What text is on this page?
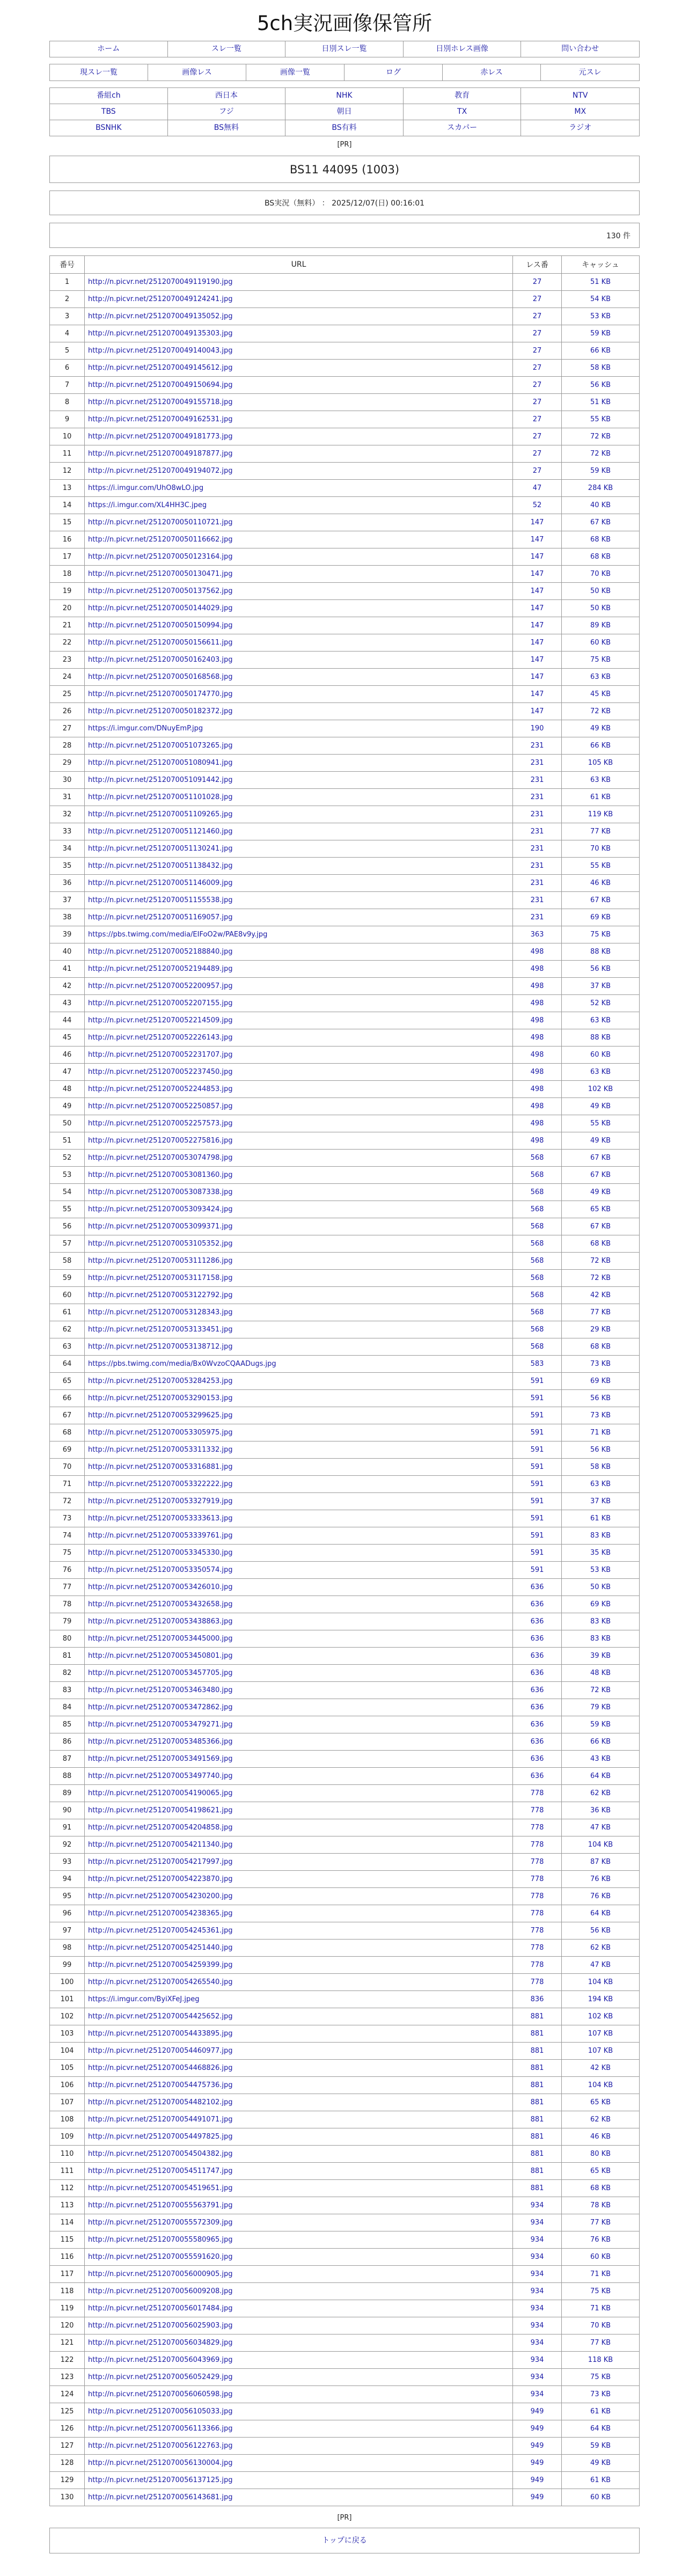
5ch実況画像保管所
ホーム	スレ一覧	日別スレ一覧	日別ホレス画像	問い合わせ
現スレ一覧	画像レス	画像一覧	ログ	赤レス	元スレ
番組ch	西日本	NHK	教育	NTV
TBS	フジ	朝日	TX	MX
BSNHK	BS無料	BS有料	スカパー	ラジオ
[PR]
BS11 44095 (1003)
BS実況（無料） ： 2025/12/07(日) 00:16:01
130 件
番号	URL	レス番	キャッシュ
1	http://n.picvr.net/2512070049119190.jpg	27	51 KB
2	http://n.picvr.net/2512070049124241.jpg	27	54 KB
3	http://n.picvr.net/2512070049135052.jpg	27	53 KB
4	http://n.picvr.net/2512070049135303.jpg	27	59 KB
5	http://n.picvr.net/2512070049140043.jpg	27	66 KB
6	http://n.picvr.net/2512070049145612.jpg	27	58 KB
7	http://n.picvr.net/2512070049150694.jpg	27	56 KB
8	http://n.picvr.net/2512070049155718.jpg	27	51 KB
9	http://n.picvr.net/2512070049162531.jpg	27	55 KB
10	http://n.picvr.net/2512070049181773.jpg	27	72 KB
11	http://n.picvr.net/2512070049187877.jpg	27	72 KB
12	http://n.picvr.net/2512070049194072.jpg	27	59 KB
13	https://i.imgur.com/UhO8wLO.jpg	47	284 KB
14	https://i.imgur.com/XL4HH3C.jpeg	52	40 KB
15	http://n.picvr.net/2512070050110721.jpg	147	67 KB
16	http://n.picvr.net/2512070050116662.jpg	147	68 KB
17	http://n.picvr.net/2512070050123164.jpg	147	68 KB
18	http://n.picvr.net/2512070050130471.jpg	147	70 KB
19	http://n.picvr.net/2512070050137562.jpg	147	50 KB
20	http://n.picvr.net/2512070050144029.jpg	147	50 KB
21	http://n.picvr.net/2512070050150994.jpg	147	89 KB
22	http://n.picvr.net/2512070050156611.jpg	147	60 KB
23	http://n.picvr.net/2512070050162403.jpg	147	75 KB
24	http://n.picvr.net/2512070050168568.jpg	147	63 KB
25	http://n.picvr.net/2512070050174770.jpg	147	45 KB
26	http://n.picvr.net/2512070050182372.jpg	147	72 KB
27	https://i.imgur.com/DNuyEmP.jpg	190	49 KB
28	http://n.picvr.net/2512070051073265.jpg	231	66 KB
29	http://n.picvr.net/2512070051080941.jpg	231	105 KB
30	http://n.picvr.net/2512070051091442.jpg	231	63 KB
31	http://n.picvr.net/2512070051101028.jpg	231	61 KB
32	http://n.picvr.net/2512070051109265.jpg	231	119 KB
33	http://n.picvr.net/2512070051121460.jpg	231	77 KB
34	http://n.picvr.net/2512070051130241.jpg	231	70 KB
35	http://n.picvr.net/2512070051138432.jpg	231	55 KB
36	http://n.picvr.net/2512070051146009.jpg	231	46 KB
37	http://n.picvr.net/2512070051155538.jpg	231	67 KB
38	http://n.picvr.net/2512070051169057.jpg	231	69 KB
39	https://pbs.twimg.com/media/EIFoO2w/PAE8v9y.jpg	363	75 KB
40	http://n.picvr.net/2512070052188840.jpg	498	88 KB
41	http://n.picvr.net/2512070052194489.jpg	498	56 KB
42	http://n.picvr.net/2512070052200957.jpg	498	37 KB
43	http://n.picvr.net/2512070052207155.jpg	498	52 KB
44	http://n.picvr.net/2512070052214509.jpg	498	63 KB
45	http://n.picvr.net/2512070052226143.jpg	498	88 KB
46	http://n.picvr.net/2512070052231707.jpg	498	60 KB
47	http://n.picvr.net/2512070052237450.jpg	498	63 KB
48	http://n.picvr.net/2512070052244853.jpg	498	102 KB
49	http://n.picvr.net/2512070052250857.jpg	498	49 KB
50	http://n.picvr.net/2512070052257573.jpg	498	55 KB
51	http://n.picvr.net/2512070052275816.jpg	498	49 KB
52	http://n.picvr.net/2512070053074798.jpg	568	67 KB
53	http://n.picvr.net/2512070053081360.jpg	568	67 KB
54	http://n.picvr.net/2512070053087338.jpg	568	49 KB
55	http://n.picvr.net/2512070053093424.jpg	568	65 KB
56	http://n.picvr.net/2512070053099371.jpg	568	67 KB
57	http://n.picvr.net/2512070053105352.jpg	568	68 KB
58	http://n.picvr.net/2512070053111286.jpg	568	72 KB
59	http://n.picvr.net/2512070053117158.jpg	568	72 KB
60	http://n.picvr.net/2512070053122792.jpg	568	42 KB
61	http://n.picvr.net/2512070053128343.jpg	568	77 KB
62	http://n.picvr.net/2512070053133451.jpg	568	29 KB
63	http://n.picvr.net/2512070053138712.jpg	568	68 KB
64	https://pbs.twimg.com/media/Bx0WvzoCQAADugs.jpg	583	73 KB
65	http://n.picvr.net/2512070053284253.jpg	591	69 KB
66	http://n.picvr.net/2512070053290153.jpg	591	56 KB
67	http://n.picvr.net/2512070053299625.jpg	591	73 KB
68	http://n.picvr.net/2512070053305975.jpg	591	71 KB
69	http://n.picvr.net/2512070053311332.jpg	591	56 KB
70	http://n.picvr.net/2512070053316881.jpg	591	58 KB
71	http://n.picvr.net/2512070053322222.jpg	591	63 KB
72	http://n.picvr.net/2512070053327919.jpg	591	37 KB
73	http://n.picvr.net/2512070053333613.jpg	591	61 KB
74	http://n.picvr.net/2512070053339761.jpg	591	83 KB
75	http://n.picvr.net/2512070053345330.jpg	591	35 KB
76	http://n.picvr.net/2512070053350574.jpg	591	53 KB
77	http://n.picvr.net/2512070053426010.jpg	636	50 KB
78	http://n.picvr.net/2512070053432658.jpg	636	69 KB
79	http://n.picvr.net/2512070053438863.jpg	636	83 KB
80	http://n.picvr.net/2512070053445000.jpg	636	83 KB
81	http://n.picvr.net/2512070053450801.jpg	636	39 KB
82	http://n.picvr.net/2512070053457705.jpg	636	48 KB
83	http://n.picvr.net/2512070053463480.jpg	636	72 KB
84	http://n.picvr.net/2512070053472862.jpg	636	79 KB
85	http://n.picvr.net/2512070053479271.jpg	636	59 KB
86	http://n.picvr.net/2512070053485366.jpg	636	66 KB
87	http://n.picvr.net/2512070053491569.jpg	636	43 KB
88	http://n.picvr.net/2512070053497740.jpg	636	64 KB
89	http://n.picvr.net/2512070054190065.jpg	778	62 KB
90	http://n.picvr.net/2512070054198621.jpg	778	36 KB
91	http://n.picvr.net/2512070054204858.jpg	778	47 KB
92	http://n.picvr.net/2512070054211340.jpg	778	104 KB
93	http://n.picvr.net/2512070054217997.jpg	778	87 KB
94	http://n.picvr.net/2512070054223870.jpg	778	76 KB
95	http://n.picvr.net/2512070054230200.jpg	778	76 KB
96	http://n.picvr.net/2512070054238365.jpg	778	64 KB
97	http://n.picvr.net/2512070054245361.jpg	778	56 KB
98	http://n.picvr.net/2512070054251440.jpg	778	62 KB
99	http://n.picvr.net/2512070054259399.jpg	778	47 KB
100	http://n.picvr.net/2512070054265540.jpg	778	104 KB
101	https://i.imgur.com/ByiXFeJ.jpeg	836	194 KB
102	http://n.picvr.net/2512070054425652.jpg	881	102 KB
103	http://n.picvr.net/2512070054433895.jpg	881	107 KB
104	http://n.picvr.net/2512070054460977.jpg	881	107 KB
105	http://n.picvr.net/2512070054468826.jpg	881	42 KB
106	http://n.picvr.net/2512070054475736.jpg	881	104 KB
107	http://n.picvr.net/2512070054482102.jpg	881	65 KB
108	http://n.picvr.net/2512070054491071.jpg	881	62 KB
109	http://n.picvr.net/2512070054497825.jpg	881	46 KB
110	http://n.picvr.net/2512070054504382.jpg	881	80 KB
111	http://n.picvr.net/2512070054511747.jpg	881	65 KB
112	http://n.picvr.net/2512070054519651.jpg	881	68 KB
113	http://n.picvr.net/2512070055563791.jpg	934	78 KB
114	http://n.picvr.net/2512070055572309.jpg	934	77 KB
115	http://n.picvr.net/2512070055580965.jpg	934	76 KB
116	http://n.picvr.net/2512070055591620.jpg	934	60 KB
117	http://n.picvr.net/2512070056000905.jpg	934	71 KB
118	http://n.picvr.net/2512070056009208.jpg	934	75 KB
119	http://n.picvr.net/2512070056017484.jpg	934	71 KB
120	http://n.picvr.net/2512070056025903.jpg	934	70 KB
121	http://n.picvr.net/2512070056034829.jpg	934	77 KB
122	http://n.picvr.net/2512070056043969.jpg	934	118 KB
123	http://n.picvr.net/2512070056052429.jpg	934	75 KB
124	http://n.picvr.net/2512070056060598.jpg	934	73 KB
125	http://n.picvr.net/2512070056105033.jpg	949	61 KB
126	http://n.picvr.net/2512070056113366.jpg	949	64 KB
127	http://n.picvr.net/2512070056122763.jpg	949	59 KB
128	http://n.picvr.net/2512070056130004.jpg	949	49 KB
129	http://n.picvr.net/2512070056137125.jpg	949	61 KB
130	http://n.picvr.net/2512070056143681.jpg	949	60 KB
[PR]
トップに戻る
